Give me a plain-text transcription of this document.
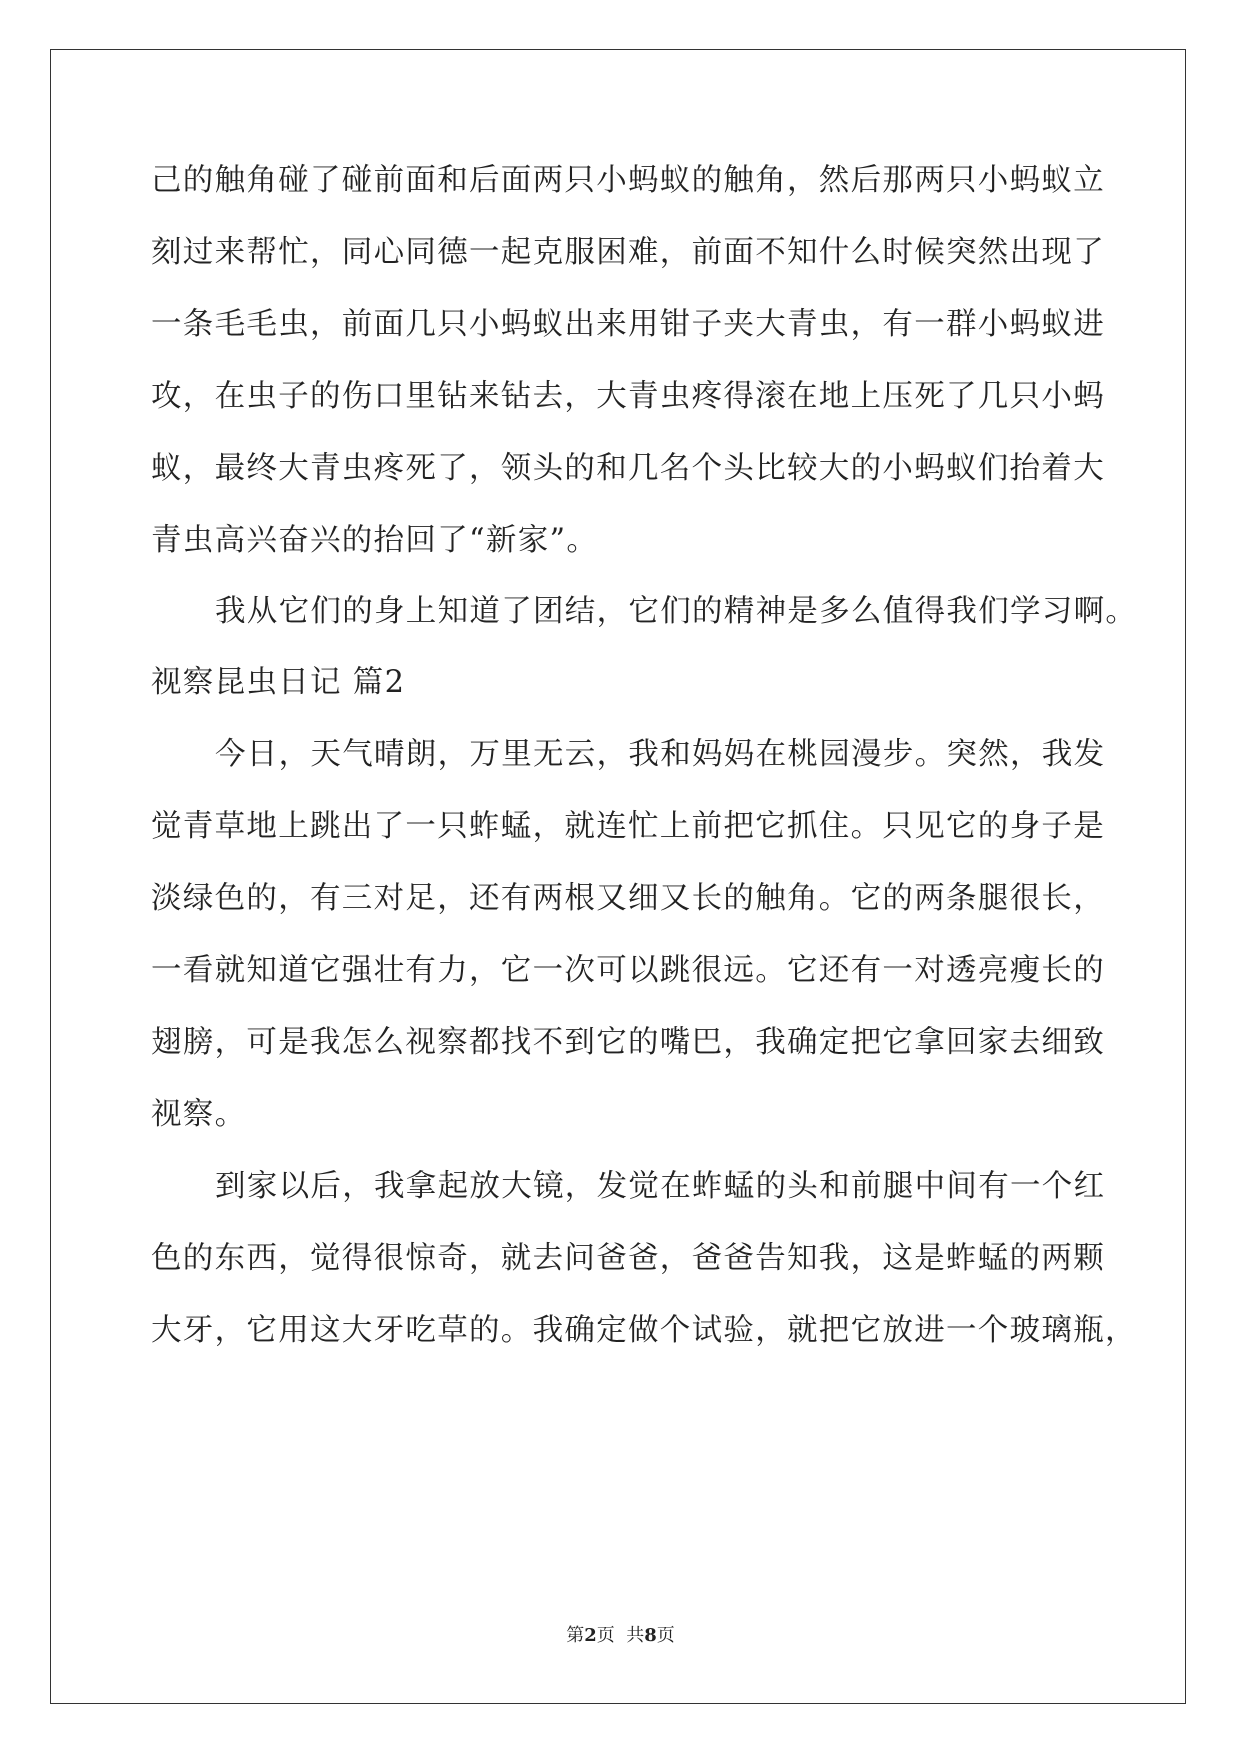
己的触角碰了碰前面和后面两只小蚂蚁的触角，然后那两只小蚂蚁立
刻过来帮忙，同心同德一起克服困难，前面不知什么时候突然出现了
一条毛毛虫，前面几只小蚂蚁出来用钳子夹大青虫，有一群小蚂蚁进
攻，在虫子的伤口里钻来钻去，大青虫疼得滚在地上压死了几只小蚂
蚁，最终大青虫疼死了，领头的和几名个头比较大的小蚂蚁们抬着大
青虫高兴奋兴的抬回了“新家”。
我从它们的身上知道了团结，它们的精神是多么值得我们学习啊。
视察昆虫日记 篇2
今日，天气晴朗，万里无云，我和妈妈在桃园漫步。突然，我发
觉青草地上跳出了一只蚱蜢，就连忙上前把它抓住。只见它的身子是
淡绿色的，有三对足，还有两根又细又长的触角。它的两条腿很长，
一看就知道它强壮有力，它一次可以跳很远。它还有一对透亮瘦长的
翅膀，可是我怎么视察都找不到它的嘴巴，我确定把它拿回家去细致
视察。
到家以后，我拿起放大镜，发觉在蚱蜢的头和前腿中间有一个红
色的东西，觉得很惊奇，就去问爸爸，爸爸告知我，这是蚱蜢的两颗
大牙，它用这大牙吃草的。我确定做个试验，就把它放进一个玻璃瓶，
第2页  共8页
